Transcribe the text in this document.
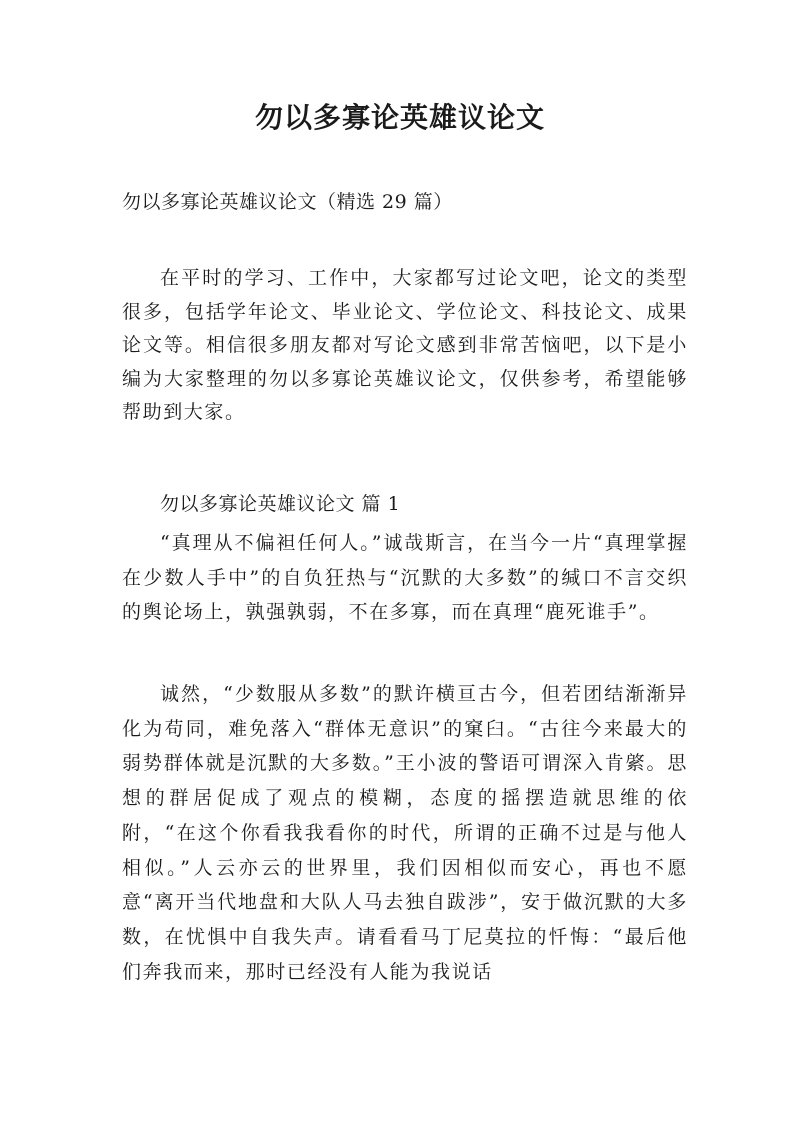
勿以多寡论英雄议论文
勿以多寡论英雄议论文（精选 29 篇）

在平时的学习、工作中，大家都写过论文吧，论文的类型很多，包括学年论文、毕业论文、学位论文、科技论文、成果论文等。相信很多朋友都对写论文感到非常苦恼吧，以下是小编为大家整理的勿以多寡论英雄议论文，仅供参考，希望能够帮助到大家。

勿以多寡论英雄议论文 篇 1

“真理从不偏袒任何人。”诚哉斯言，在当今一片“真理掌握在少数人手中”的自负狂热与“沉默的大多数”的缄口不言交织的舆论场上，孰强孰弱，不在多寡，而在真理“鹿死谁手”。

诚然，“少数服从多数”的默许横亘古今，但若团结渐渐异化为苟同，难免落入“群体无意识”的窠臼。“古往今来最大的弱势群体就是沉默的大多数。”王小波的警语可谓深入肯綮。思想的群居促成了观点的模糊，态度的摇摆造就思维的依附，“在这个你看我我看你的时代，所谓的正确不过是与他人相似。”人云亦云的世界里，我们因相似而安心，再也不愿意“离开当代地盘和大队人马去独自跋涉”，安于做沉默的大多数，在忧惧中自我失声。请看看马丁尼莫拉的忏悔：“最后他们奔我而来，那时已经没有人能为我说话
